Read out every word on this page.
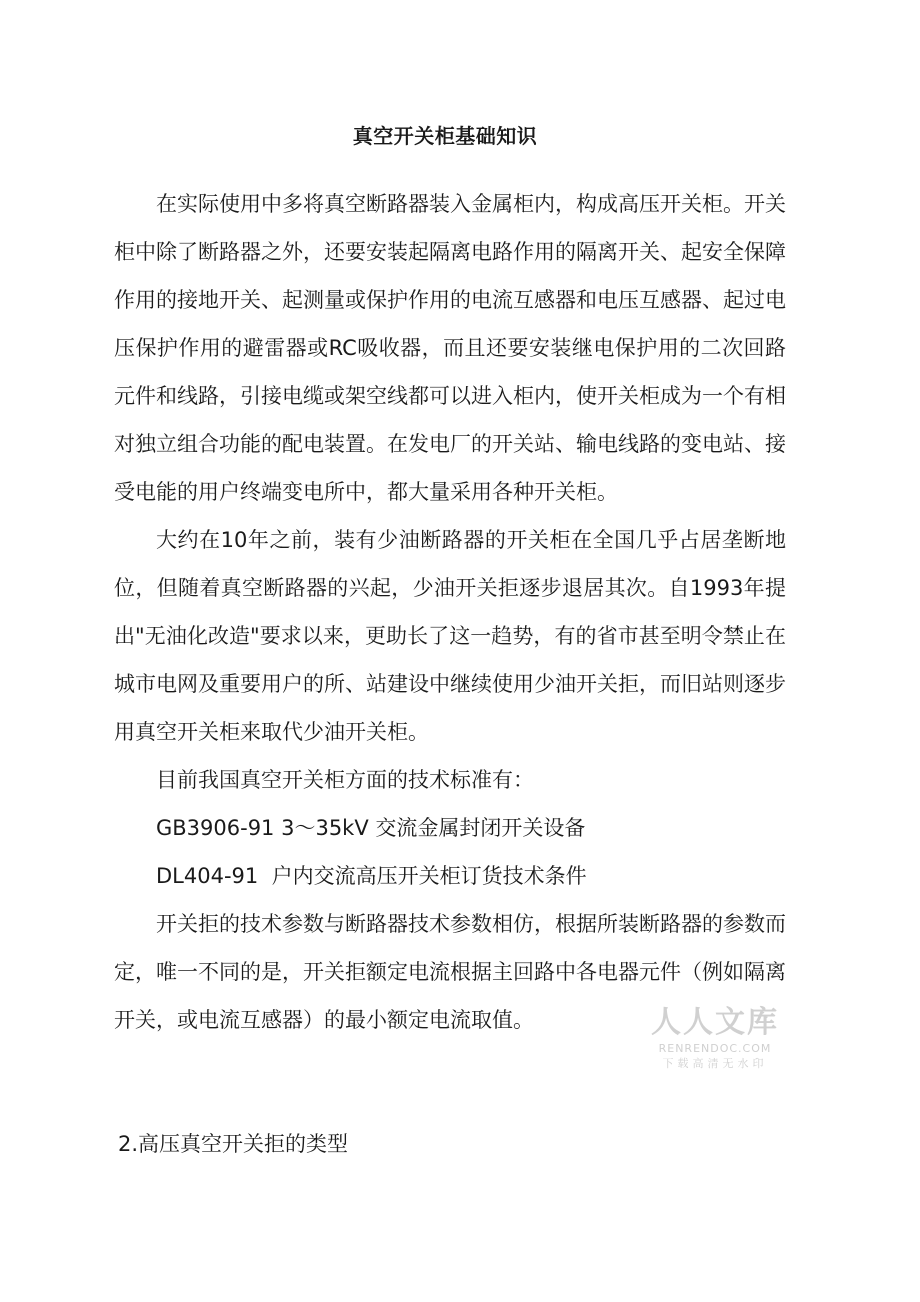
真空开关柜基础知识

在实际使用中多将真空断路器装入金属柜内，构成高压开关柜。开关柜中除了断路器之外，还要安装起隔离电路作用的隔离开关、起安全保障作用的接地开关、起测量或保护作用的电流互感器和电压互感器、起过电压保护作用的避雷器或RC吸收器，而且还要安装继电保护用的二次回路元件和线路，引接电缆或架空线都可以进入柜内，使开关柜成为一个有相对独立组合功能的配电装置。在发电厂的开关站、输电线路的变电站、接受电能的用户终端变电所中，都大量采用各种开关柜。

大约在10年之前，装有少油断路器的开关柜在全国几乎占居垄断地位，但随着真空断路器的兴起，少油开关拒逐步退居其次。自1993年提出"无油化改造"要求以来，更助长了这一趋势，有的省市甚至明令禁止在城市电网及重要用户的所、站建设中继续使用少油开关拒，而旧站则逐步用真空开关柜来取代少油开关柜。

目前我国真空开关柜方面的技术标准有：

GB3906-91 3～35kV 交流金属封闭开关设备

DL404-91  户内交流高压开关柜订货技术条件

开关拒的技术参数与断路器技术参数相仿，根据所装断路器的参数而定，唯一不同的是，开关拒额定电流根据主回路中各电器元件（例如隔离开关，或电流互感器）的最小额定电流取值。

2.高压真空开关拒的类型
人人文库
RENRENDOC.COM
下载高清无水印
